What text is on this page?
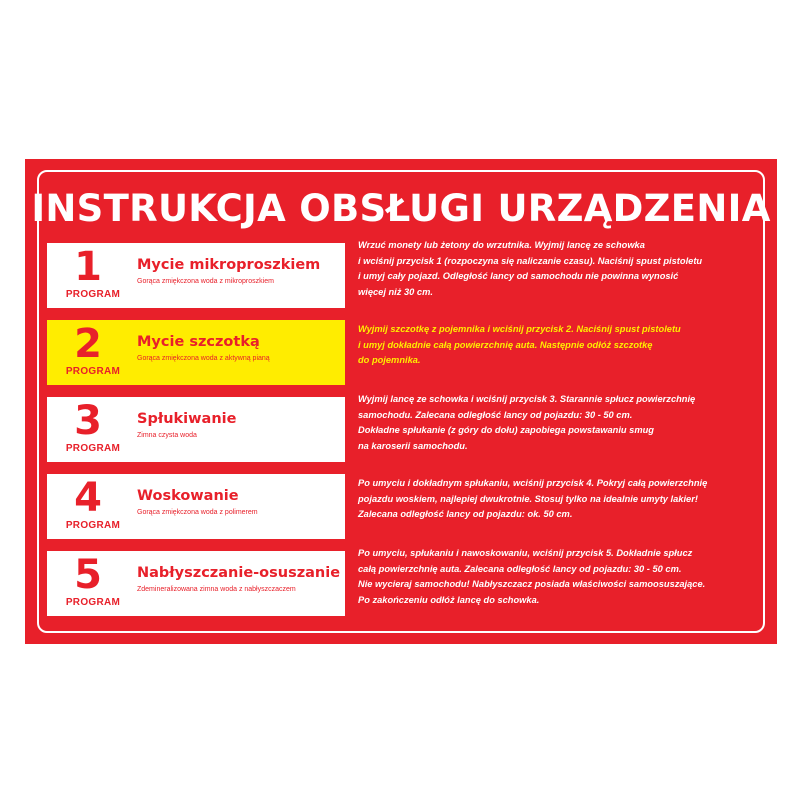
INSTRUKCJA OBSŁUGI URZĄDZENIA
1
PROGRAM
Mycie mikroproszkiem
Gorąca zmiękczona woda z mikroproszkiem
Wrzuć monety lub żetony do wrzutnika. Wyjmij lancę ze schowka
i wciśnij przycisk 1 (rozpoczyna się naliczanie czasu). Naciśnij spust pistoletu
i umyj cały pojazd. Odległość lancy od samochodu nie powinna wynosić
więcej niż 30 cm.
2
PROGRAM
Mycie szczotką
Gorąca zmiękczona woda z aktywną pianą
Wyjmij szczotkę z pojemnika i wciśnij przycisk 2. Naciśnij spust pistoletu
i umyj dokładnie całą powierzchnię auta. Następnie odłóż szczotkę
do pojemnika.
3
PROGRAM
Spłukiwanie
Zimna czysta woda
Wyjmij lancę ze schowka i wciśnij przycisk 3. Starannie spłucz powierzchnię
samochodu. Zalecana odległość lancy od pojazdu: 30 - 50 cm.
Dokładne spłukanie (z góry do dołu) zapobiega powstawaniu smug
na karoserii samochodu.
4
PROGRAM
Woskowanie
Gorąca zmiękczona woda z polimerem
Po umyciu i dokładnym spłukaniu, wciśnij przycisk 4. Pokryj całą powierzchnię
pojazdu woskiem, najlepiej dwukrotnie. Stosuj tylko na idealnie umyty lakier!
Zalecana odległość lancy od pojazdu: ok. 50 cm.
5
PROGRAM
Nabłyszczanie-osuszanie
Zdemineralizowana zimna woda z nabłyszczaczem
Po umyciu, spłukaniu i nawoskowaniu, wciśnij przycisk 5. Dokładnie spłucz
całą powierzchnię auta. Zalecana odległość lancy od pojazdu: 30 - 50 cm.
Nie wycieraj samochodu! Nabłyszczacz posiada właściwości samoosuszające.
Po zakończeniu odłóż lancę do schowka.
